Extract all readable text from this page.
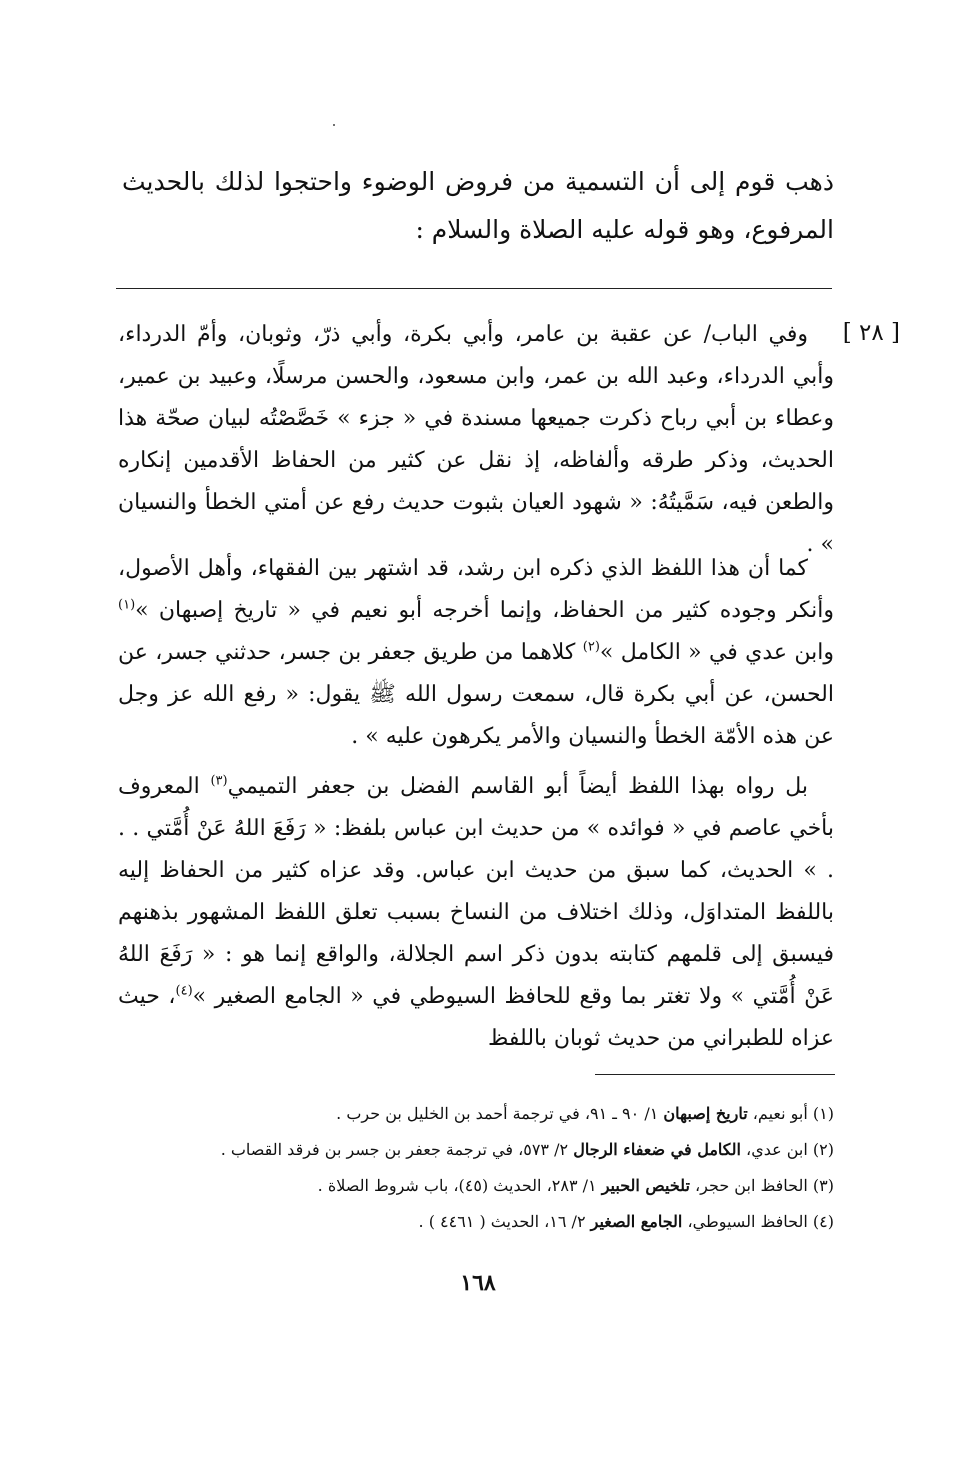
ذهب قوم إلى أن التسمية من فروض الوضوء واحتجوا لذلك بالحديث المرفوع، وهو قوله عليه الصلاة والسلام :
[ ٢٨ ]
وفي الباب/ عن عقبة بن عامر، وأبي بكرة، وأبي ذرّ، وثوبان، وأمّ الدرداء، وأبي الدرداء، وعبد الله بن عمر، وابن مسعود، والحسن مرسلًا، وعبيد بن عمير، وعطاء بن أبي رباح ذكرت جميعها مسندة في « جزء » خَصَّصْتُه لبيان صحّة هذا الحديث، وذكر طرقه وألفاظه، إذ نقل عن كثير من الحفاظ الأقدمين إنكاره والطعن فيه، سَمَّيتُهُ: « شهود العيان بثبوت حديث رفع عن أمتي الخطأ والنسيان » .
كما أن هذا اللفظ الذي ذكره ابن رشد، قد اشتهر بين الفقهاء، وأهل الأصول، وأنكر وجوده كثير من الحفاظ، وإنما أخرجه أبو نعيم في « تاريخ إصبهان »$^{(١)}$ وابن عدي في « الكامل »$^{(٢)}$ كلاهما من طريق جعفر بن جسر، حدثني جسر، عن الحسن، عن أبي بكرة قال، سمعت رسول الله ﷺ يقول: « رفع الله عز وجل عن هذه الأمّة الخطأ والنسيان والأمر يكرهون عليه » .
بل رواه بهذا اللفظ أيضاً أبو القاسم الفضل بن جعفر التميمي$^{(٣)}$ المعروف بأخي عاصم في « فوائده » من حديث ابن عباس بلفظ: « رَفَعَ اللهُ عَنْ أُمَّتي . . . » الحديث، كما سبق من حديث ابن عباس. وقد عزاه كثير من الحفاظ إليه باللفظ المتداوَل، وذلك اختلاف من النساخ بسبب تعلق اللفظ المشهور بذهنهم فيسبق إلى قلمهم كتابته بدون ذكر اسم الجلالة، والواقع إنما هو : « رَفَعَ اللهُ عَنْ أُمَّتي » ولا تغتر بما وقع للحافظ السيوطي في « الجامع الصغير »$^{(٤)}$، حيث عزاه للطبراني من حديث ثوبان باللفظ
(١) أبو نعيم، تاريخ إصبهان ١/ ٩٠ ـ ٩١، في ترجمة أحمد بن الخليل بن حرب .
(٢) ابن عدي، الكامل في ضعفاء الرجال ٢/ ٥٧٣، في ترجمة جعفر بن جسر بن فرقد القصاب .
(٣) الحافظ ابن حجر، تلخيص الحبير ١/ ٢٨٣، الحديث (٤٥)، باب شروط الصلاة .
(٤) الحافظ السيوطي، الجامع الصغير ٢/ ١٦، الحديث ( ٤٤٦١ ) .
١٦٨
